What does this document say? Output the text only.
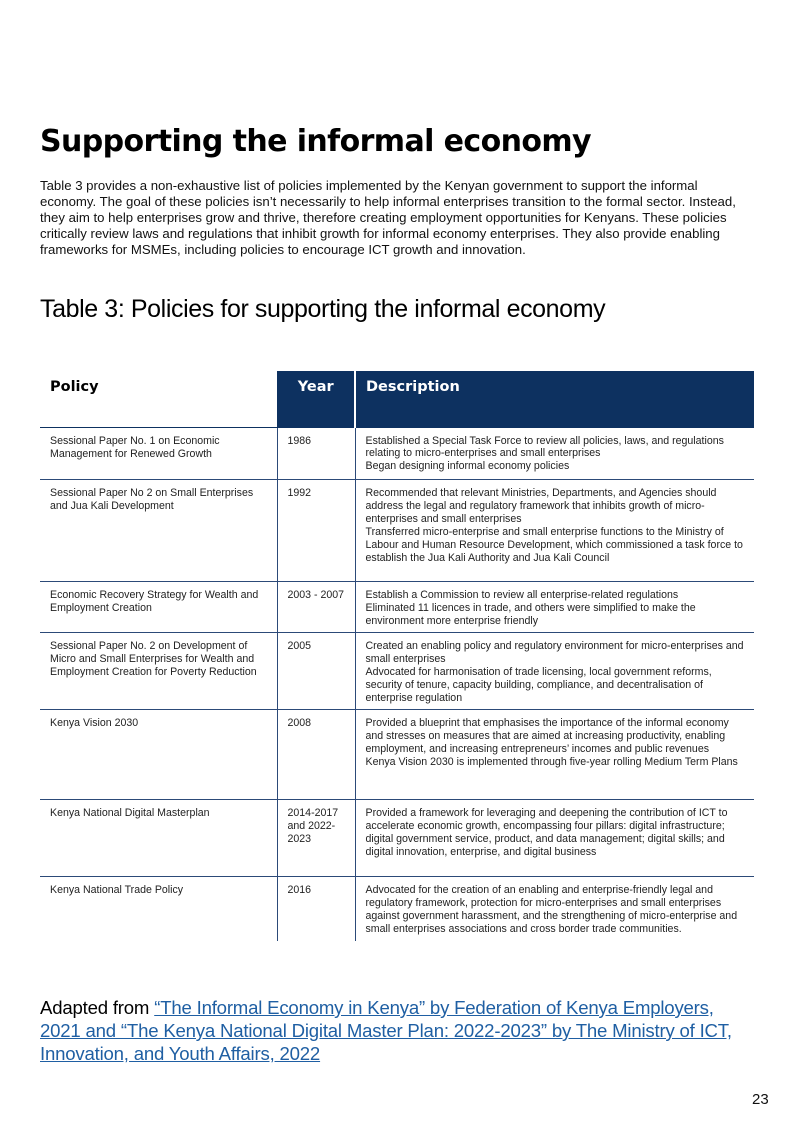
Supporting the informal economy

Table 3 provides a non-exhaustive list of policies implemented by the Kenyan government to support the informal economy. The goal of these policies isn’t necessarily to help informal enterprises transition to the formal sector. Instead, they aim to help enterprises grow and thrive, therefore creating employment opportunities for Kenyans. These policies critically review laws and regulations that inhibit growth for informal economy enterprises. They also provide enabling frameworks for MSMEs, including policies to encourage ICT growth and innovation.

Table 3: Policies for supporting the informal economy
Policy	Year	Description
Sessional Paper No. 1 on Economic Management for Renewed Growth	1986	Established a Special Task Force to review all policies, laws, and regulations relating to micro-enterprises and small enterprises
Began designing informal economy policies

Sessional Paper No 2 on Small Enterprises and Jua Kali Development	1992	Recommended that relevant Ministries, Departments, and Agencies should address the legal and regulatory framework that inhibits growth of micro-enterprises and small enterprises
Transferred micro-enterprise and small enterprise functions to the Ministry of Labour and Human Resource Development, which commissioned a task force to establish the Jua Kali Authority and Jua Kali Council

Economic Recovery Strategy for Wealth and Employment Creation	2003 - 2007	Establish a Commission to review all enterprise-related regulations
Eliminated 11 licences in trade, and others were simplified to make the environment more enterprise friendly

Sessional Paper No. 2 on Development of Micro and Small Enterprises for Wealth and Employment Creation for Poverty Reduction	2005	Created an enabling policy and regulatory environment for micro-enterprises and small enterprises
Advocated for harmonisation of trade licensing, local government reforms, security of tenure, capacity building, compliance, and decentralisation of enterprise regulation

Kenya Vision 2030	2008	Provided a blueprint that emphasises the importance of the informal economy and stresses on measures that are aimed at increasing productivity, enabling employment, and increasing entrepreneurs’ incomes and public revenues
Kenya Vision 2030 is implemented through five-year rolling Medium Term Plans

Kenya National Digital Masterplan	2014-2017 and 2022-2023	Provided a framework for leveraging and deepening the contribution of ICT to accelerate economic growth, encompassing four pillars: digital infrastructure; digital government service, product, and data management; digital skills; and digital innovation, enterprise, and digital business

Kenya National Trade Policy	2016	Advocated for the creation of an enabling and enterprise-friendly legal and regulatory framework, protection for micro-enterprises and small enterprises against government harassment, and the strengthening of micro-enterprise and small enterprises associations and cross border trade communities.

Adapted from “The Informal Economy in Kenya” by Federation of Kenya Employers, 2021 and “The Kenya National Digital Master Plan: 2022-2023” by The Ministry of ICT, Innovation, and Youth Affairs, 2022

23
